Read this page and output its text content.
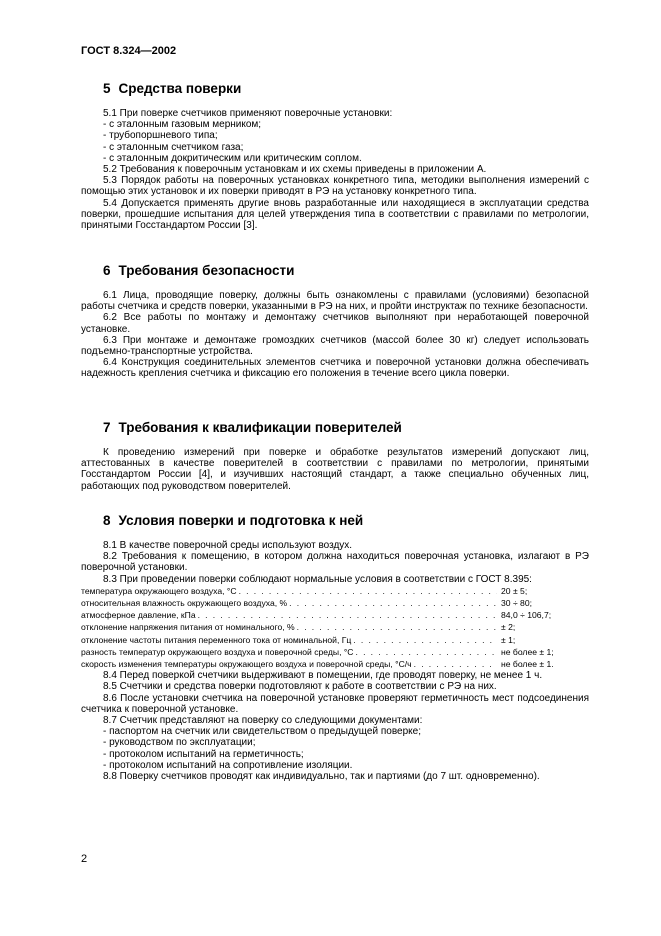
ГОСТ 8.324—2002
5 Средства поверки

5.1 При поверке счетчиков применяют поверочные установки:

- с эталонным газовым мерником;

- трубопоршневого типа;

- с эталонным счетчиком газа;

- с эталонным докритическим или критическим соплом.

5.2 Требования к поверочным установкам и их схемы приведены в приложении А.

5.3 Порядок работы на поверочных установках конкретного типа, методики выполнения измерений с помощью этих установок и их поверки приводят в РЭ на установку конкретного типа.

5.4 Допускается применять другие вновь разработанные или находящиеся в эксплуатации средства поверки, прошедшие испытания для целей утверждения типа в соответствии с правилами по метрологии, принятыми Госстандартом России [3].

6 Требования безопасности

6.1 Лица, проводящие поверку, должны быть ознакомлены с правилами (условиями) безопасной работы счетчика и средств поверки, указанными в РЭ на них, и пройти инструктаж по технике безопасности.

6.2 Все работы по монтажу и демонтажу счетчиков выполняют при неработающей поверочной установке.

6.3 При монтаже и демонтаже громоздких счетчиков (массой более 30 кг) следует использовать подъемно-транспортные устройства.

6.4 Конструкция соединительных элементов счетчика и поверочной установки должна обеспечивать надежность крепления счетчика и фиксацию его положения в течение всего цикла поверки.

7 Требования к квалификации поверителей

К проведению измерений при поверке и обработке результатов измерений допускают лиц, аттестованных в качестве поверителей в соответствии с правилами по метрологии, принятыми Госстандартом России [4], и изучивших настоящий стандарт, а также специально обученных лиц, работающих под руководством поверителей.

8 Условия поверки и подготовка к ней

8.1 В качестве поверочной среды используют воздух.

8.2 Требования к помещению, в котором должна находиться поверочная установка, излагают в РЭ поверочной установки.

8.3 При проведении поверки соблюдают нормальные условия в соответствии с ГОСТ 8.395:

температура окружающего воздуха, °С . . .	20 ± 5;
относительная влажность окружающего воздуха, % . . .	30 ÷ 80;
атмосферное давление, кПа . . .	84,0 ÷ 106,7;
отклонение напряжения питания от номинального, % . . .	± 2;
отклонение частоты питания переменного тока от номинальной, Гц . . .	± 1;
разность температур окружающего воздуха и поверочной среды, °С . . .	не более ± 1;
скорость изменения температуры окружающего воздуха и поверочной среды, °С/ч . . .	не более ± 1.

8.4 Перед поверкой счетчики выдерживают в помещении, где проводят поверку, не менее 1 ч.

8.5 Счетчики и средства поверки подготовляют к работе в соответствии с РЭ на них.

8.6 После установки счетчика на поверочной установке проверяют герметичность мест подсоединения счетчика к поверочной установке.

8.7 Счетчик представляют на поверку со следующими документами:

- паспортом на счетчик или свидетельством о предыдущей поверке;

- руководством по эксплуатации;

- протоколом испытаний на герметичность;

- протоколом испытаний на сопротивление изоляции.

8.8 Поверку счетчиков проводят как индивидуально, так и партиями (до 7 шт. одновременно).

2
